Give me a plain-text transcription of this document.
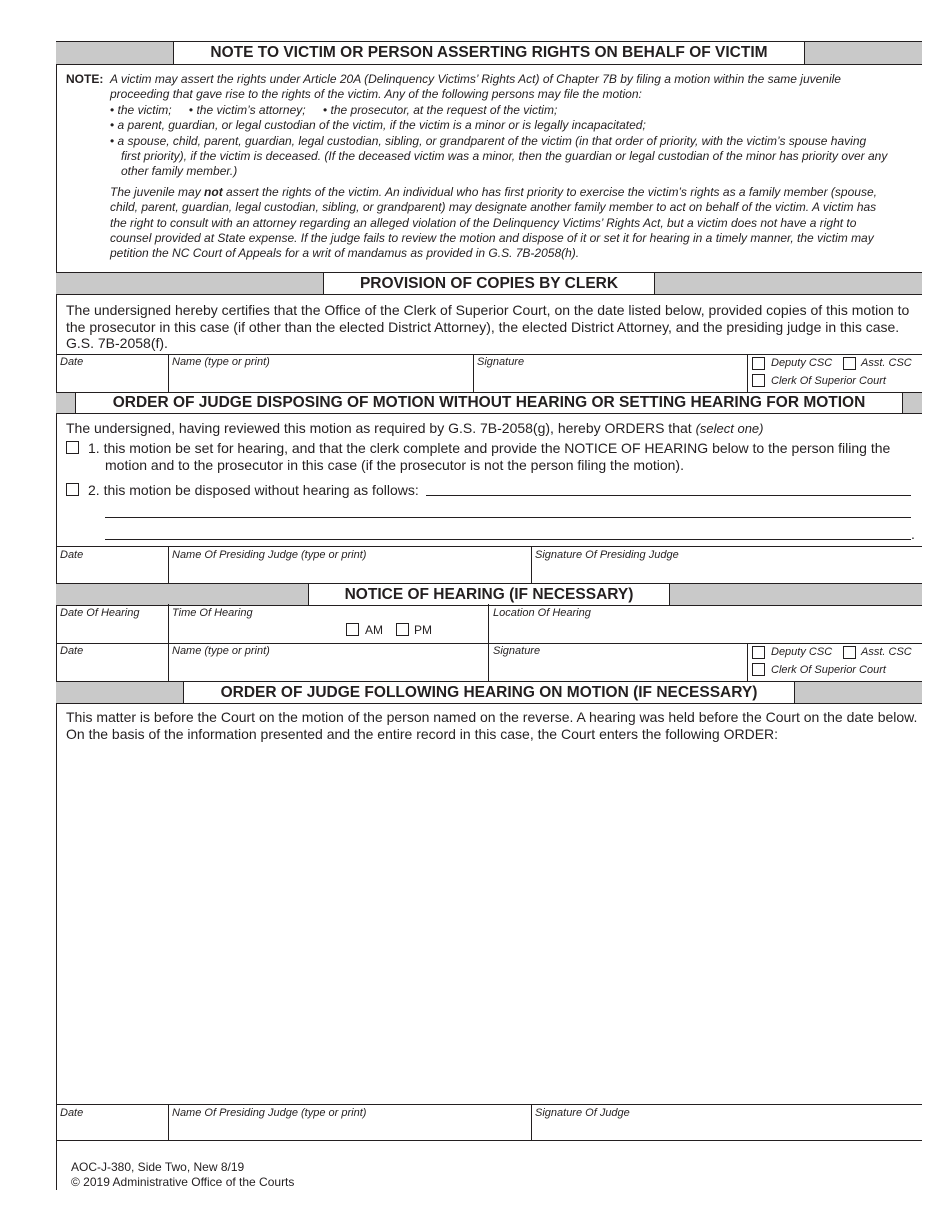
NOTE TO VICTIM OR PERSON ASSERTING RIGHTS ON BEHALF OF VICTIM
NOTE: A victim may assert the rights under Article 20A (Delinquency Victims’ Rights Act) of Chapter 7B by filing a motion within the same juvenile
proceeding that gave rise to the rights of the victim. Any of the following persons may file the motion:
• the victim; • the victim’s attorney; • the prosecutor, at the request of the victim;
• a parent, guardian, or legal custodian of the victim, if the victim is a minor or is legally incapacitated;
• a spouse, child, parent, guardian, legal custodian, sibling, or grandparent of the victim (in that order of priority, with the victim’s spouse having
first priority), if the victim is deceased. (If the deceased victim was a minor, then the guardian or legal custodian of the minor has priority over any
other family member.)
The juvenile may not assert the rights of the victim. An individual who has first priority to exercise the victim’s rights as a family member (spouse,
child, parent, guardian, legal custodian, sibling, or grandparent) may designate another family member to act on behalf of the victim. A victim has
the right to consult with an attorney regarding an alleged violation of the Delinquency Victims’ Rights Act, but a victim does not have a right to
counsel provided at State expense. If the judge fails to review the motion and dispose of it or set it for hearing in a timely manner, the victim may
petition the NC Court of Appeals for a writ of mandamus as provided in G.S. 7B-2058(h).
PROVISION OF COPIES BY CLERK
The undersigned hereby certifies that the Office of the Clerk of Superior Court, on the date listed below, provided copies of this motion to
the prosecutor in this case (if other than the elected District Attorney), the elected District Attorney, and the presiding judge in this case.
G.S. 7B-2058(f).
Date	Name (type or print)	Signature	Deputy CSC	Asst. CSC
Clerk Of Superior Court
ORDER OF JUDGE DISPOSING OF MOTION WITHOUT HEARING OR SETTING HEARING FOR MOTION
The undersigned, having reviewed this motion as required by G.S. 7B-2058(g), hereby ORDERS that (select one)
1. this motion be set for hearing, and that the clerk complete and provide the NOTICE OF HEARING below to the person filing the
motion and to the prosecutor in this case (if the prosecutor is not the person filing the motion).
2. this motion be disposed without hearing as follows:
.
Date	Name Of Presiding Judge (type or print)	Signature Of Presiding Judge
NOTICE OF HEARING (IF NECESSARY)
Date Of Hearing	Time Of Hearing
AM	PM
Location Of Hearing
Date	Name (type or print)	Signature	Deputy CSC	Asst. CSC
Clerk Of Superior Court
ORDER OF JUDGE FOLLOWING HEARING ON MOTION (IF NECESSARY)
This matter is before the Court on the motion of the person named on the reverse. A hearing was held before the Court on the date below.
On the basis of the information presented and the entire record in this case, the Court enters the following ORDER:
Date	Name Of Presiding Judge (type or print)	Signature Of Judge
AOC-J-380, Side Two, New 8/19
© 2019 Administrative Office of the Courts
